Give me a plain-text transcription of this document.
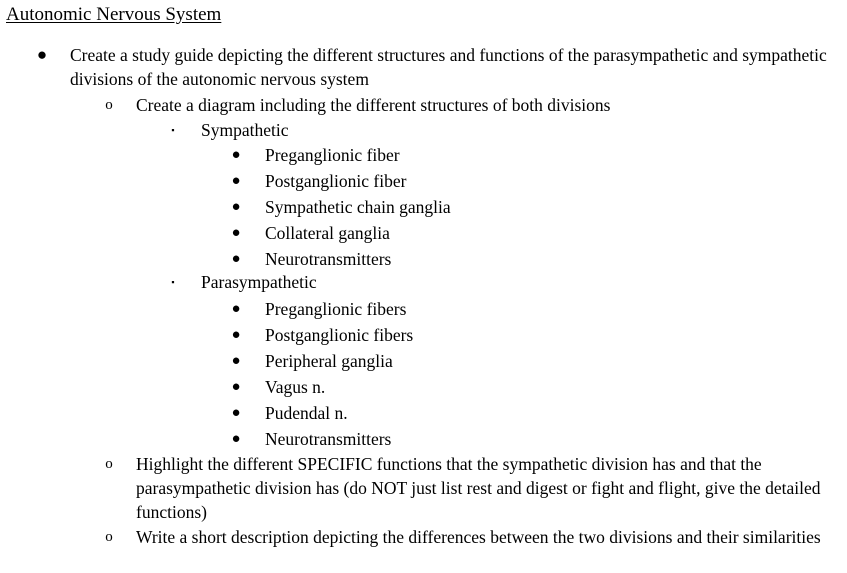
Autonomic Nervous System
● Create a study guide depicting the different structures and functions of the parasympathetic and sympathetic divisions of the autonomic nervous system
o	Create a diagram including the different structures of both divisions
▪	Sympathetic
● Preganglionic fiber
● Postganglionic fiber
● Sympathetic chain ganglia
● Collateral ganglia
● Neurotransmitters
▪	Parasympathetic
● Preganglionic fibers
● Postganglionic fibers
● Peripheral ganglia
● Vagus n.
● Pudendal n.
● Neurotransmitters
o	Highlight the different SPECIFIC functions that the sympathetic division has and that the parasympathetic division has (do NOT just list rest and digest or fight and flight, give the detailed functions)
o	Write a short description depicting the differences between the two divisions and their similarities
